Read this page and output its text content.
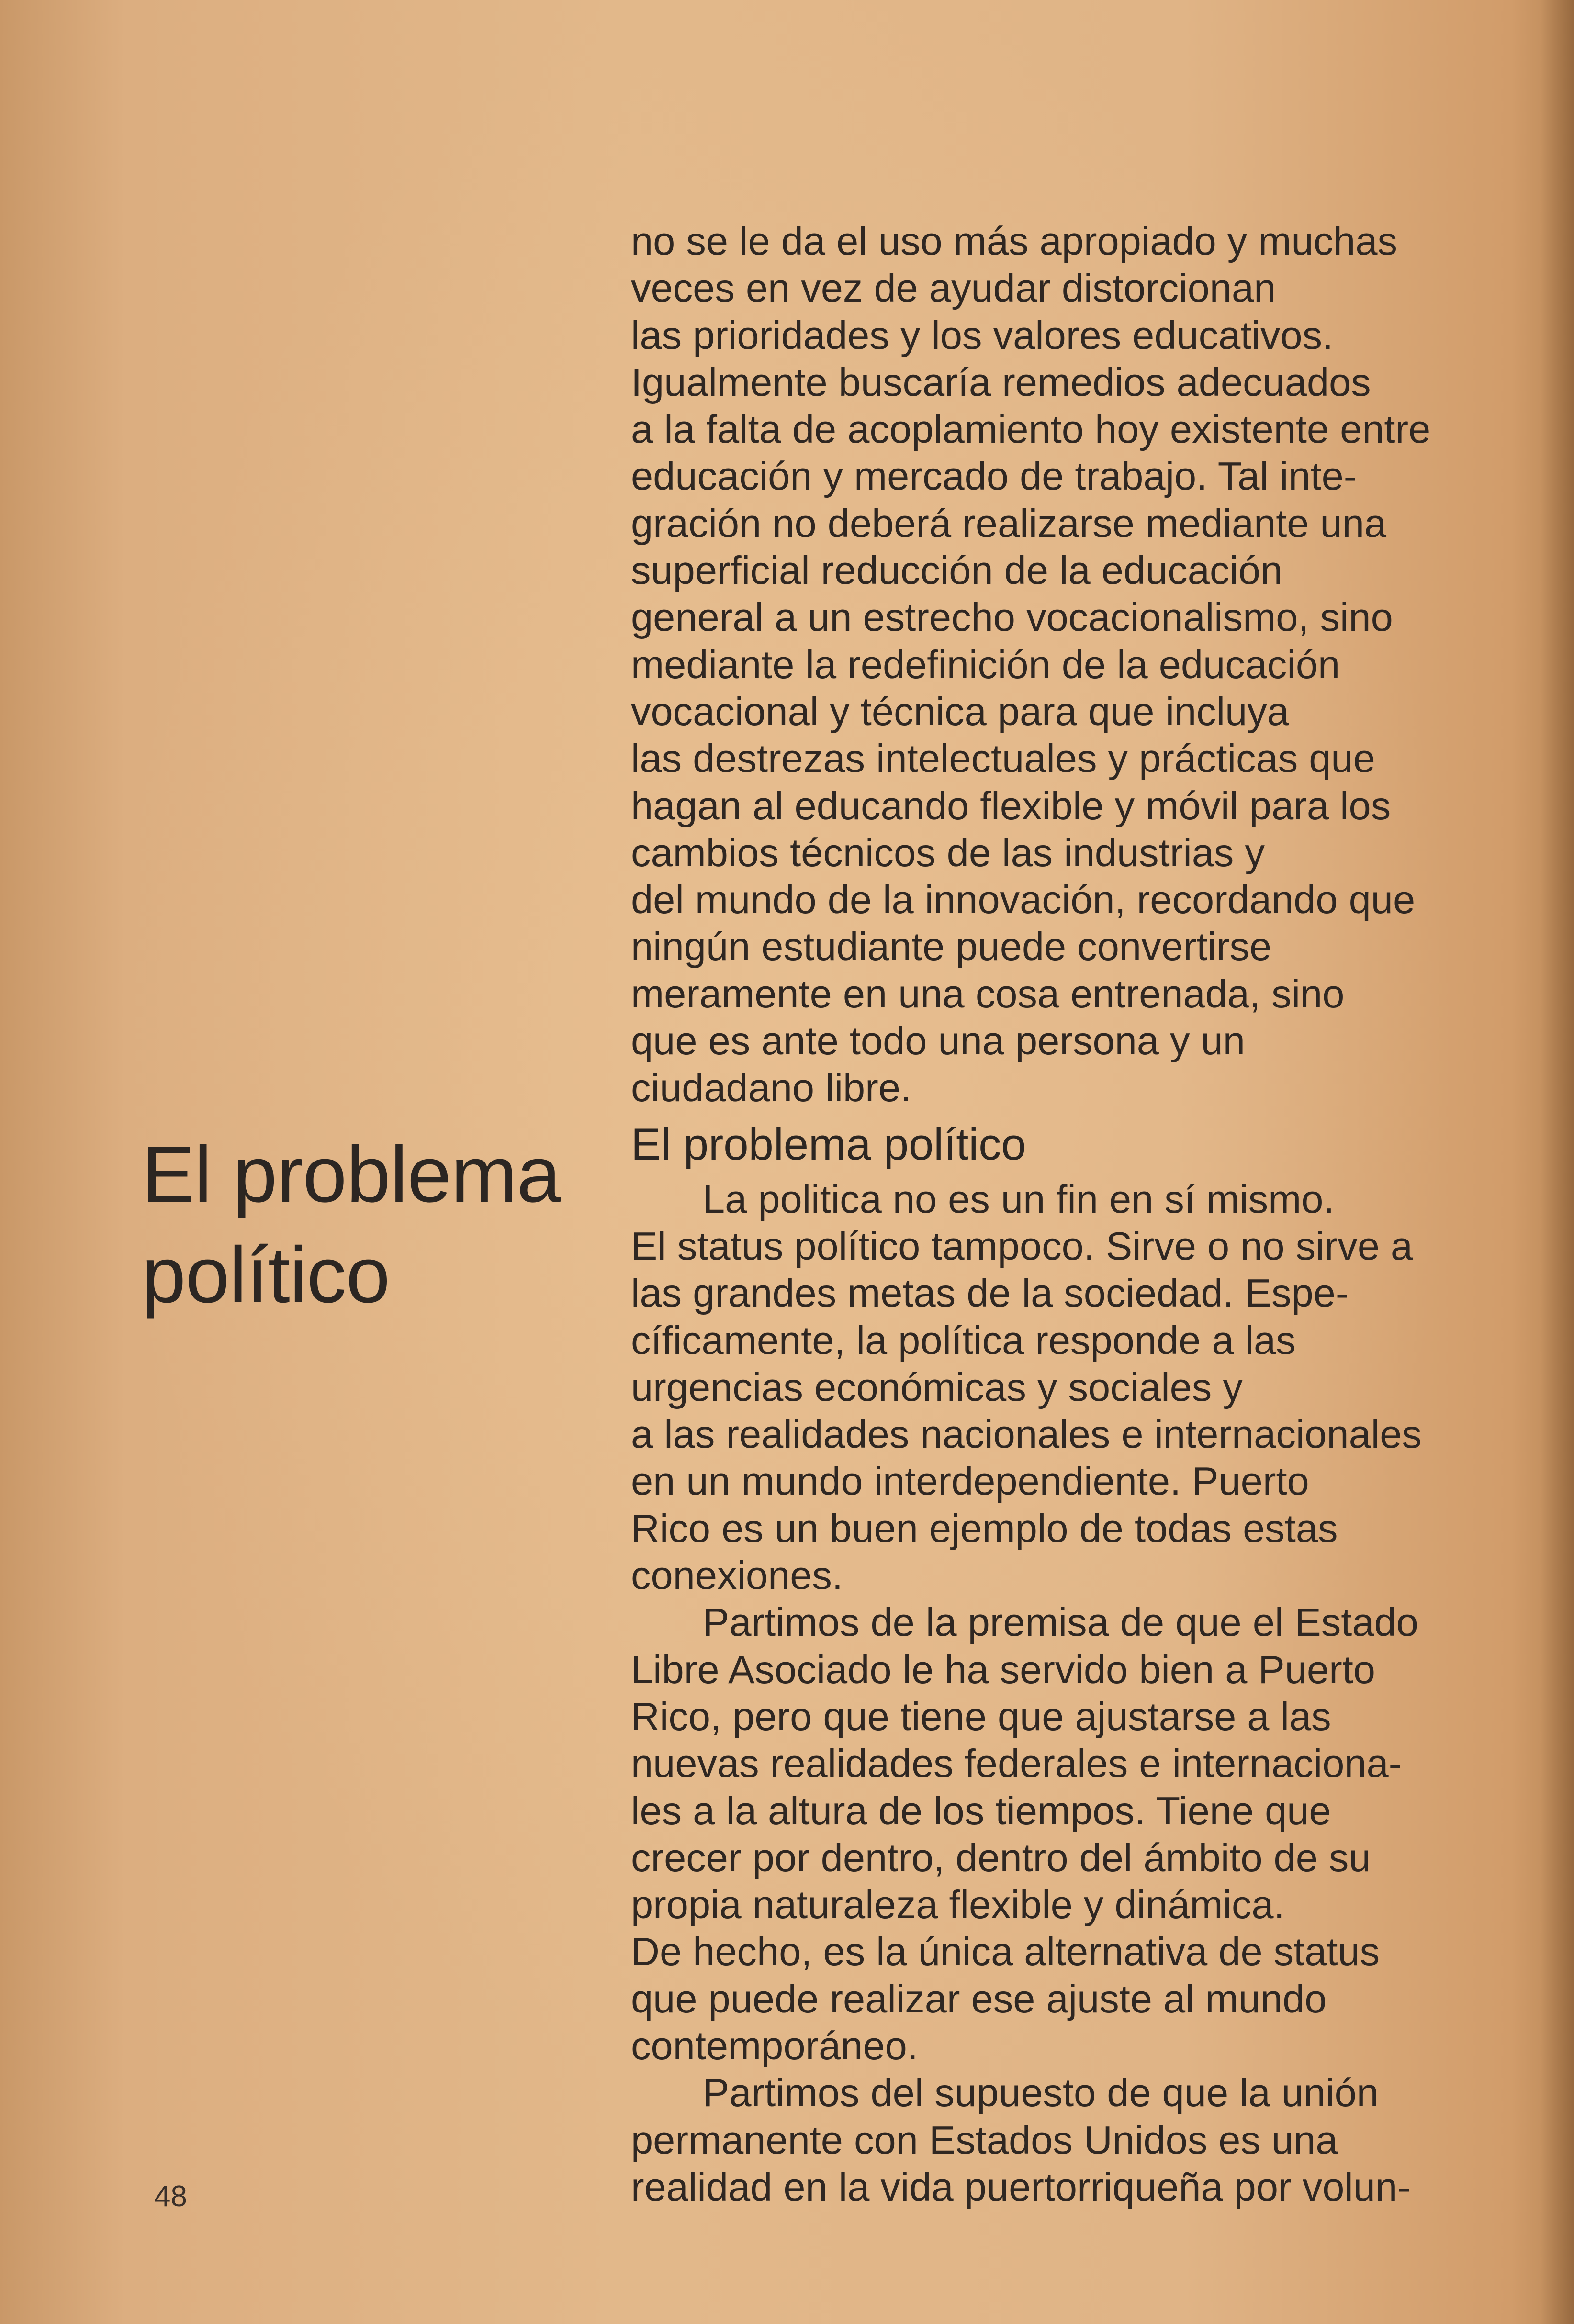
El problema
político
no se le da el uso más apropiado y muchas
veces en vez de ayudar distorcionan
las prioridades y los valores educativos.
Igualmente buscaría remedios adecuados
a la falta de acoplamiento hoy existente entre
educación y mercado de trabajo. Tal inte-
gración no deberá realizarse mediante una
superficial reducción de la educación
general a un estrecho vocacionalismo, sino
mediante la redefinición de la educación
vocacional y técnica para que incluya
las destrezas intelectuales y prácticas que
hagan al educando flexible y móvil para los
cambios técnicos de las industrias y
del mundo de la innovación, recordando que
ningún estudiante puede convertirse
meramente en una cosa entrenada, sino
que es ante todo una persona y un
ciudadano libre.
El problema político
La politica no es un fin en sí mismo.
El status político tampoco. Sirve o no sirve a
las grandes metas de la sociedad. Espe-
cíficamente, la política responde a las
urgencias económicas y sociales y
a las realidades nacionales e internacionales
en un mundo interdependiente. Puerto
Rico es un buen ejemplo de todas estas
conexiones.
Partimos de la premisa de que el Estado
Libre Asociado le ha servido bien a Puerto
Rico, pero que tiene que ajustarse a las
nuevas realidades federales e internaciona-
les a la altura de los tiempos. Tiene que
crecer por dentro, dentro del ámbito de su
propia naturaleza flexible y dinámica.
De hecho, es la única alternativa de status
que puede realizar ese ajuste al mundo
contemporáneo.
Partimos del supuesto de que la unión
permanente con Estados Unidos es una
realidad en la vida puertorriqueña por volun-
48
